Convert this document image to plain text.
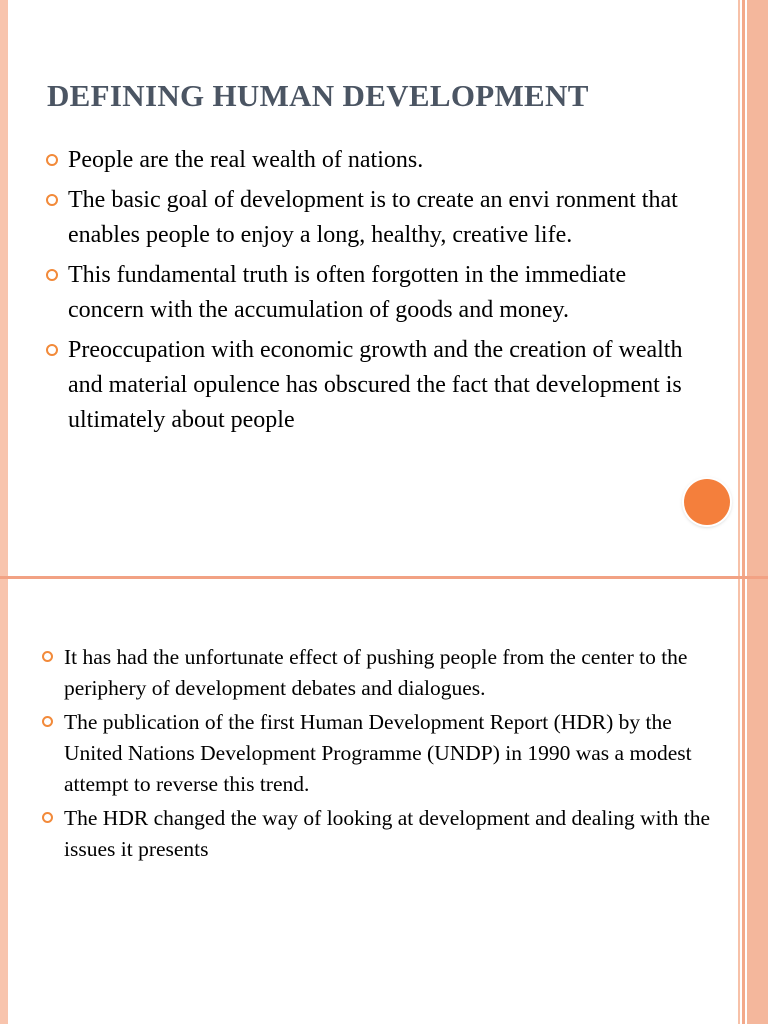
DEFINING HUMAN DEVELOPMENT
People are the real wealth of nations.
The basic goal of development is to create an envi ronment that enables people to enjoy a long, healthy, creative life.
This fundamental truth is often forgotten in the immediate concern with the accumulation of goods and money.
Preoccupation with economic growth and the creation of wealth and material opulence has obscured the fact that development is ultimately about people
It has had the unfortunate effect of pushing people from the center to the periphery of development debates and dialogues.
The publication of the first Human Development Report (HDR) by the United Nations Development Programme (UNDP) in 1990 was a modest attempt to reverse this trend.
The HDR changed the way of looking at development and dealing with the issues it presents
